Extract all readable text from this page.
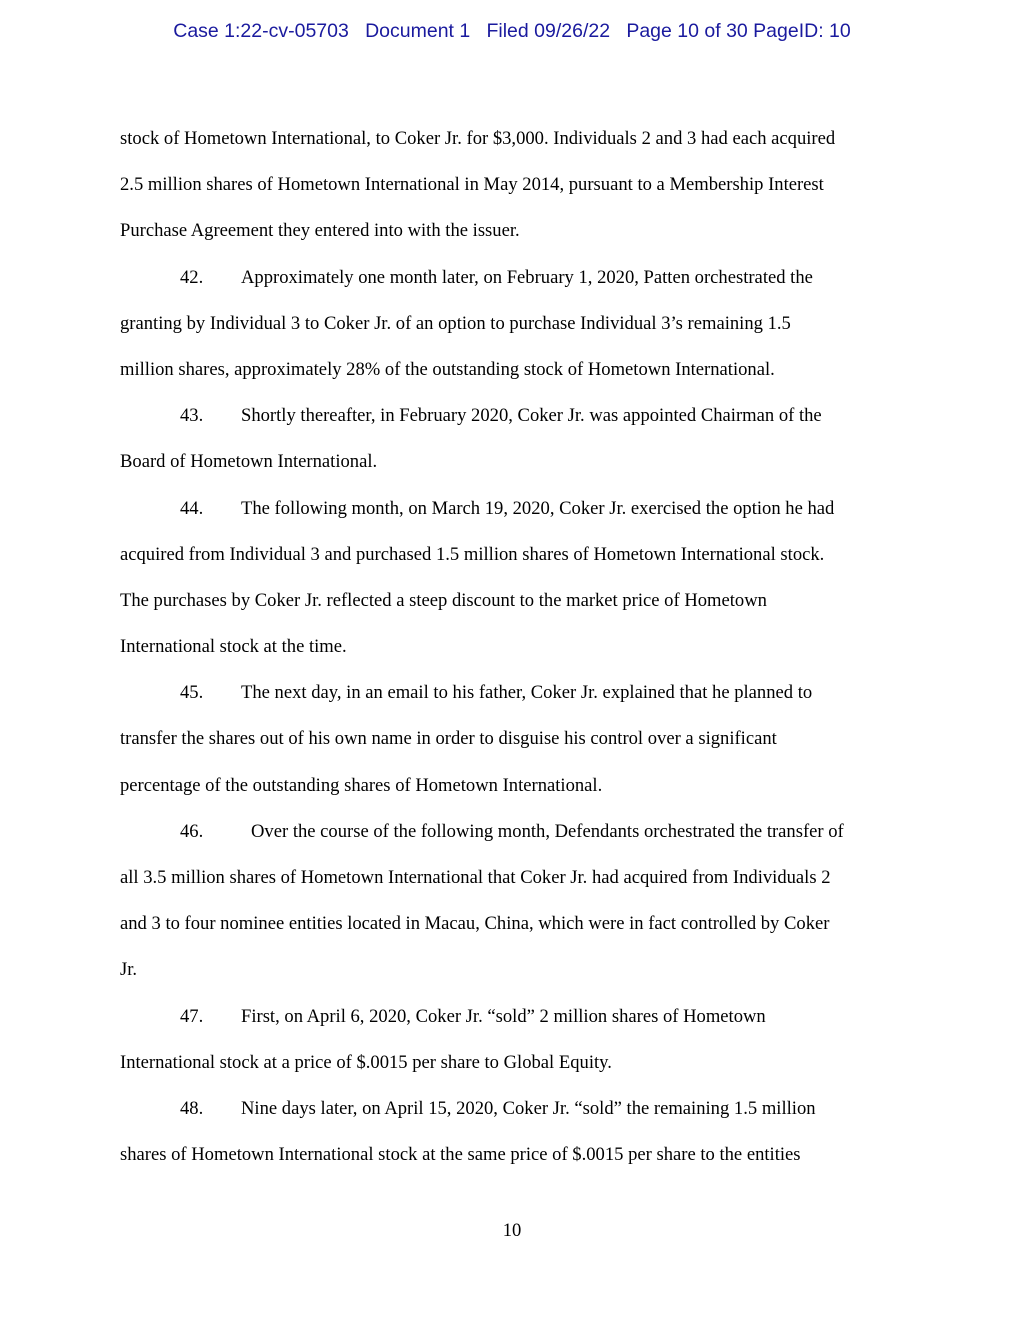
Case 1:22-cv-05703   Document 1   Filed 09/26/22   Page 10 of 30 PageID: 10
stock of Hometown International, to Coker Jr. for $3,000. Individuals 2 and 3 had each acquired
2.5 million shares of Hometown International in May 2014, pursuant to a Membership Interest
Purchase Agreement they entered into with the issuer.
42. Approximately one month later, on February 1, 2020, Patten orchestrated the
granting by Individual 3 to Coker Jr. of an option to purchase Individual 3’s remaining 1.5
million shares, approximately 28% of the outstanding stock of Hometown International.
43. Shortly thereafter, in February 2020, Coker Jr. was appointed Chairman of the
Board of Hometown International.
44. The following month, on March 19, 2020, Coker Jr. exercised the option he had
acquired from Individual 3 and purchased 1.5 million shares of Hometown International stock.
The purchases by Coker Jr. reflected a steep discount to the market price of Hometown
International stock at the time.
45. The next day, in an email to his father, Coker Jr. explained that he planned to
transfer the shares out of his own name in order to disguise his control over a significant
percentage of the outstanding shares of Hometown International.
46.	Over the course of the following month, Defendants orchestrated the transfer of
all 3.5 million shares of Hometown International that Coker Jr. had acquired from Individuals 2
and 3 to four nominee entities located in Macau, China, which were in fact controlled by Coker
Jr.
47. First, on April 6, 2020, Coker Jr. “sold” 2 million shares of Hometown
International stock at a price of $.0015 per share to Global Equity.
48. Nine days later, on April 15, 2020, Coker Jr. “sold” the remaining 1.5 million
shares of Hometown International stock at the same price of $.0015 per share to the entities
10
